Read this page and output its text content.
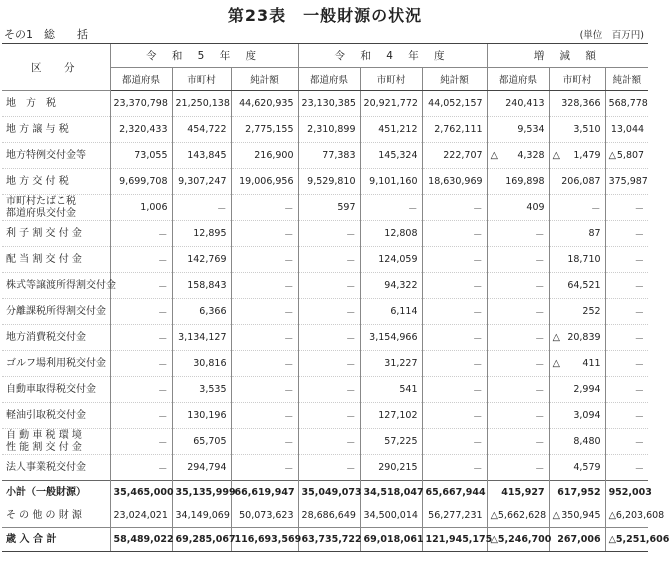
第23表　一般財源の状況
その1　総　　括	(単位　百万円)
区　分	令 和 5 年 度			令 和 4 年 度			増 減 額		
	都道府県	市町村	純計額	都道府県	市町村	純計額	都道府県	市町村	純計額
地　方　税	23,370,798	21,250,138	44,620,935	23,130,385	20,921,772	44,052,157	240,413	328,366	568,778
地 方 譲 与 税	2,320,433	454,722	2,775,155	2,310,899	451,212	2,762,111	9,534	3,510	13,044
地方特例交付金等	73,055	143,845	216,900	77,383	145,324	222,707	△ 4,328	△ 1,479	△ 5,807
地 方 交 付 税	9,699,708	9,307,247	19,006,956	9,529,810	9,101,160	18,630,969	169,898	206,087	375,987
市町村たばこ税
都道府県交付金	1,006	－	－	597	－	－	409	－	－
利 子 割 交 付 金	－	12,895	－	－	12,808	－	－	87	－
配 当 割 交 付 金	－	142,769	－	－	124,059	－	－	18,710	－
株式等譲渡所得割交付金	－	158,843	－	－	94,322	－	－	64,521	－
分離課税所得割交付金	－	6,366	－	－	6,114	－	－	252	－
地方消費税交付金	－	3,134,127	－	－	3,154,966	－	－	△ 20,839	－
ゴルフ場利用税交付金	－	30,816	－	－	31,227	－	－	△ 411	－
自動車取得税交付金	－	3,535	－	－	541	－	－	2,994	－
軽油引取税交付金	－	130,196	－	－	127,102	－	－	3,094	－
自 動 車 税 環 境
性 能 割 交 付 金	－	65,705	－	－	57,225	－	－	8,480	－
法人事業税交付金	－	294,794	－	－	290,215	－	－	4,579	－
小計（一般財源）	35,465,000	35,135,999	66,619,947	35,049,073	34,518,047	65,667,944	415,927	617,952	952,003
そ の 他 の 財 源	23,024,021	34,149,069	50,073,623	28,686,649	34,500,014	56,277,231	△ 5,662,628	△ 350,945	△ 6,203,608
歳 入 合 計	58,489,022	69,285,067	116,693,569	63,735,722	69,018,061	121,945,175	△ 5,246,700	267,006	△ 5,251,606
